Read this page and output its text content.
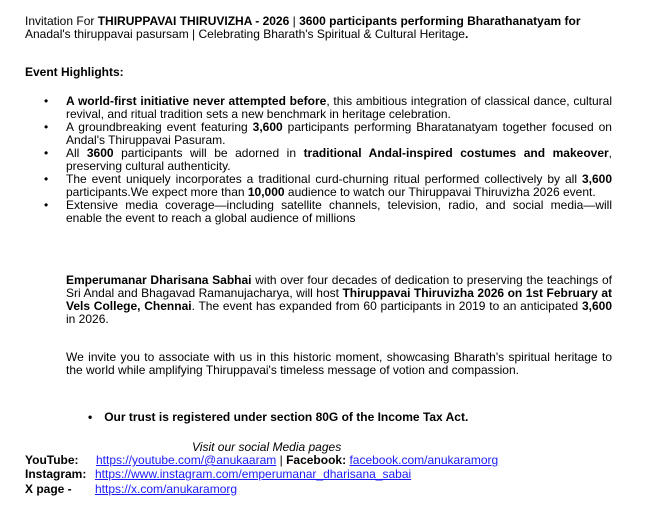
Invitation For THIRUPPAVAI THIRUVIZHA - 2026 | 3600 participants performing Bharathanatyam for
Anadal's thiruppavai pasursam | Celebrating Bharath's Spiritual & Cultural Heritage.
Event Highlights:
• A world-first initiative never attempted before, this ambitious integration of classical dance, cultural revival, and ritual tradition sets a new benchmark in heritage celebration.
• A groundbreaking event featuring 3,600 participants performing Bharatanatyam together focused on Andal's Thiruppavai Pasuram.
• All 3600 participants will be adorned in traditional Andal-inspired costumes and makeover, preserving cultural authenticity.
• The event uniquely incorporates a traditional curd-churning ritual performed collectively by all 3,600 participants.We expect more than 10,000 audience to watch our Thiruppavai Thiruvizha 2026 event.
• Extensive media coverage—including satellite channels, television, radio, and social media—will enable the event to reach a global audience of millions
Emperumanar Dharisana Sabhai with over four decades of dedication to preserving the teachings of Sri Andal and Bhagavad Ramanujacharya, will host Thiruppavai Thiruvizha 2026 on 1st February at Vels College, Chennai. The event has expanded from 60 participants in 2019 to an anticipated 3,600 in 2026.
We invite you to associate with us in this historic moment, showcasing Bharath's spiritual heritage to the world while amplifying Thiruppavai's timeless message of votion and compassion.
• Our trust is registered under section 80G of the Income Tax Act.
Visit our social Media pages
YouTube: https://youtube.com/@anukaaram | Facebook: facebook.com/anukaramorg
Instagram: https://www.instagram.com/emperumanar_dharisana_sabai
X page - https://x.com/anukaramorg
